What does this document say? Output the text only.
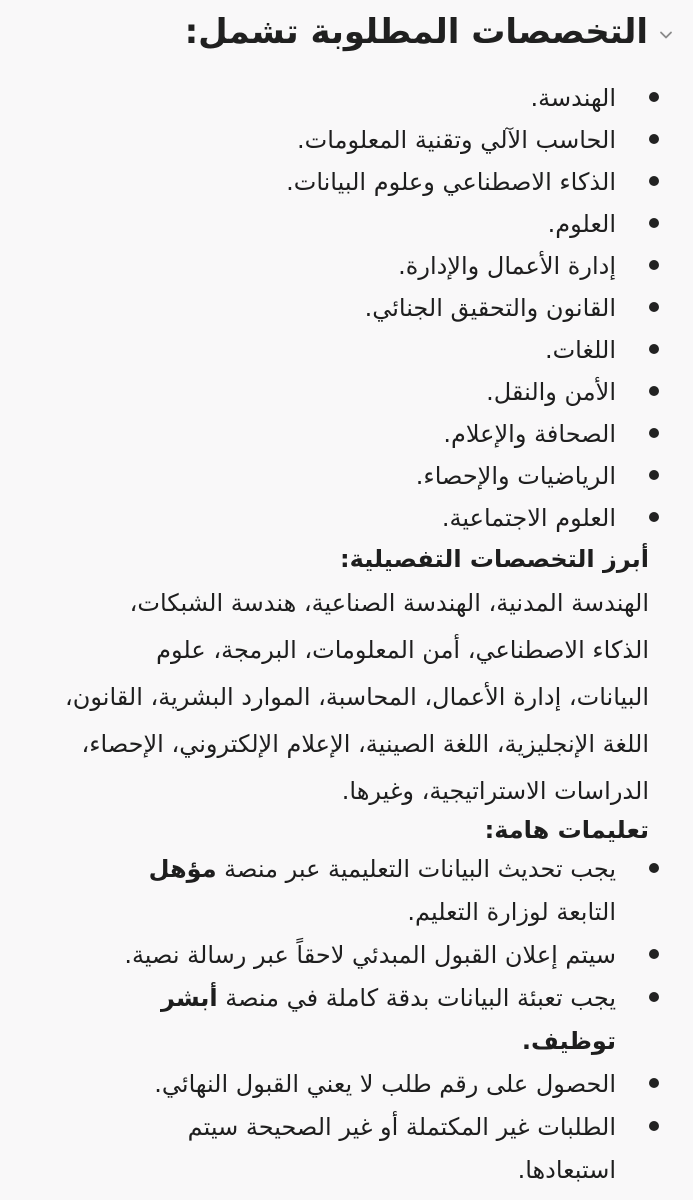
التخصصات المطلوبة تشمل:
الهندسة.
الحاسب الآلي وتقنية المعلومات.
الذكاء الاصطناعي وعلوم البيانات.
العلوم.
إدارة الأعمال والإدارة.
القانون والتحقيق الجنائي.
اللغات.
الأمن والنقل.
الصحافة والإعلام.
الرياضيات والإحصاء.
العلوم الاجتماعية.
أبرز التخصصات التفصيلية:

الهندسة المدنية، الهندسة الصناعية، هندسة الشبكات،
الذكاء الاصطناعي، أمن المعلومات، البرمجة، علوم
البيانات، إدارة الأعمال، المحاسبة، الموارد البشرية، القانون،
اللغة الإنجليزية، اللغة الصينية، الإعلام الإلكتروني، الإحصاء،
الدراسات الاستراتيجية، وغيرها.

تعليمات هامة:
يجب تحديث البيانات التعليمية عبر منصة مؤهل
التابعة لوزارة التعليم.
سيتم إعلان القبول المبدئي لاحقاً عبر رسالة نصية.
يجب تعبئة البيانات بدقة كاملة في منصة أبشر
توظيف.
الحصول على رقم طلب لا يعني القبول النهائي.
الطلبات غير المكتملة أو غير الصحيحة سيتم
استبعادها.
